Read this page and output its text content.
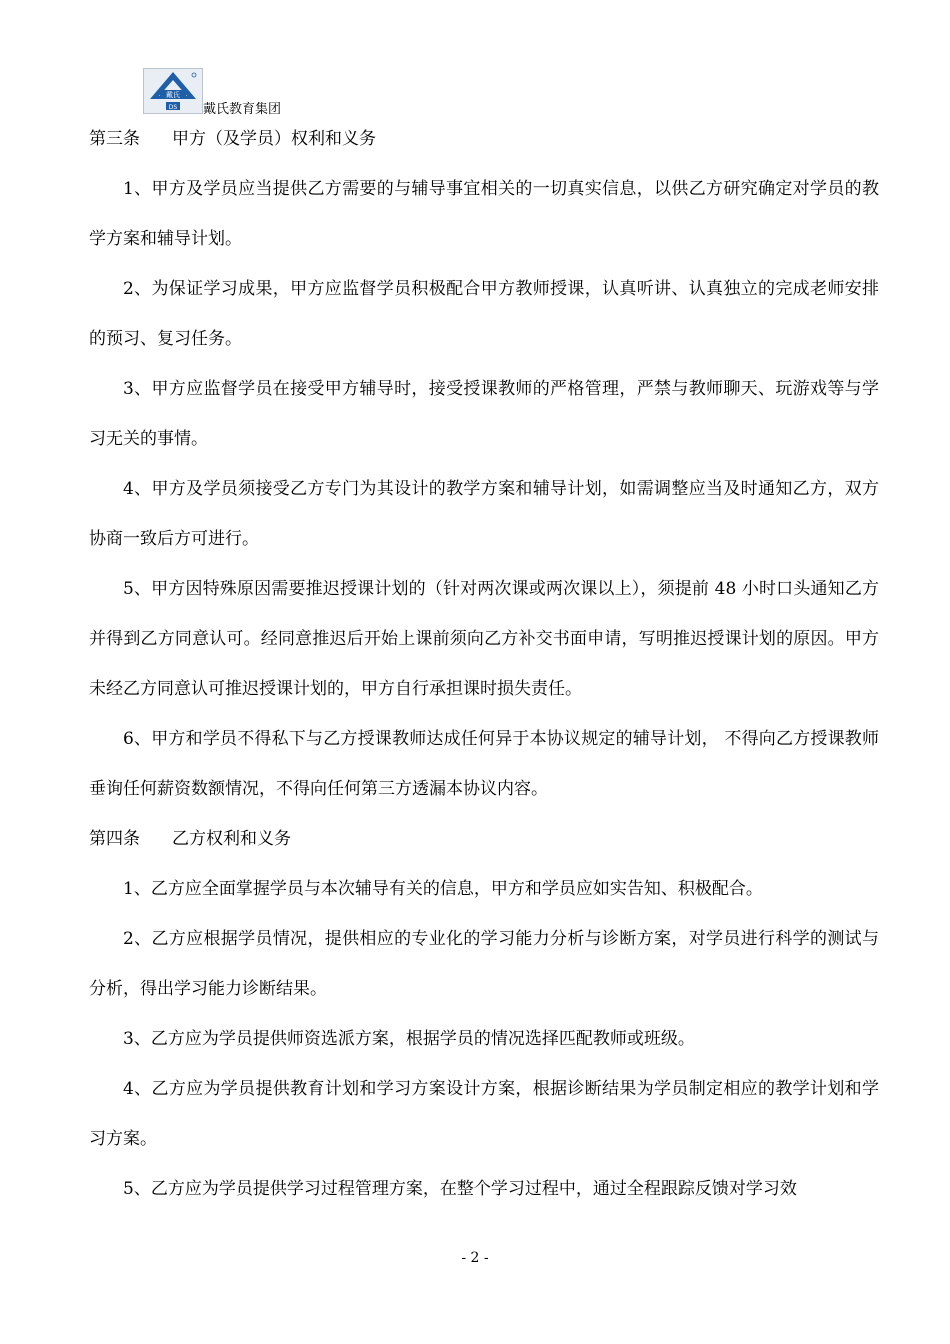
戴氏
DS 戴氏教育集团
第三条 甲方（及学员）权利和义务
1、甲方及学员应当提供乙方需要的与辅导事宜相关的一切真实信息，以供乙方研究确定对学员的教学方案和辅导计划。
2、为保证学习成果，甲方应监督学员积极配合甲方教师授课，认真听讲、认真独立的完成老师安排的预习、复习任务。
3、甲方应监督学员在接受甲方辅导时，接受授课教师的严格管理，严禁与教师聊天、玩游戏等与学习无关的事情。
4、甲方及学员须接受乙方专门为其设计的教学方案和辅导计划，如需调整应当及时通知乙方，双方协商一致后方可进行。
5、甲方因特殊原因需要推迟授课计划的（针对两次课或两次课以上），须提前 48 小时口头通知乙方并得到乙方同意认可。经同意推迟后开始上课前须向乙方补交书面申请，写明推迟授课计划的原因。甲方未经乙方同意认可推迟授课计划的，甲方自行承担课时损失责任。
6、甲方和学员不得私下与乙方授课教师达成任何异于本协议规定的辅导计划， 不得向乙方授课教师垂询任何薪资数额情况，不得向任何第三方透漏本协议内容。
第四条 乙方权利和义务
1、乙方应全面掌握学员与本次辅导有关的信息，甲方和学员应如实告知、积极配合。
2、乙方应根据学员情况，提供相应的专业化的学习能力分析与诊断方案，对学员进行科学的测试与分析，得出学习能力诊断结果。
3、乙方应为学员提供师资选派方案，根据学员的情况选择匹配教师或班级。
4、乙方应为学员提供教育计划和学习方案设计方案，根据诊断结果为学员制定相应的教学计划和学习方案。
5、乙方应为学员提供学习过程管理方案，在整个学习过程中，通过全程跟踪反馈对学习效
- 2 -
